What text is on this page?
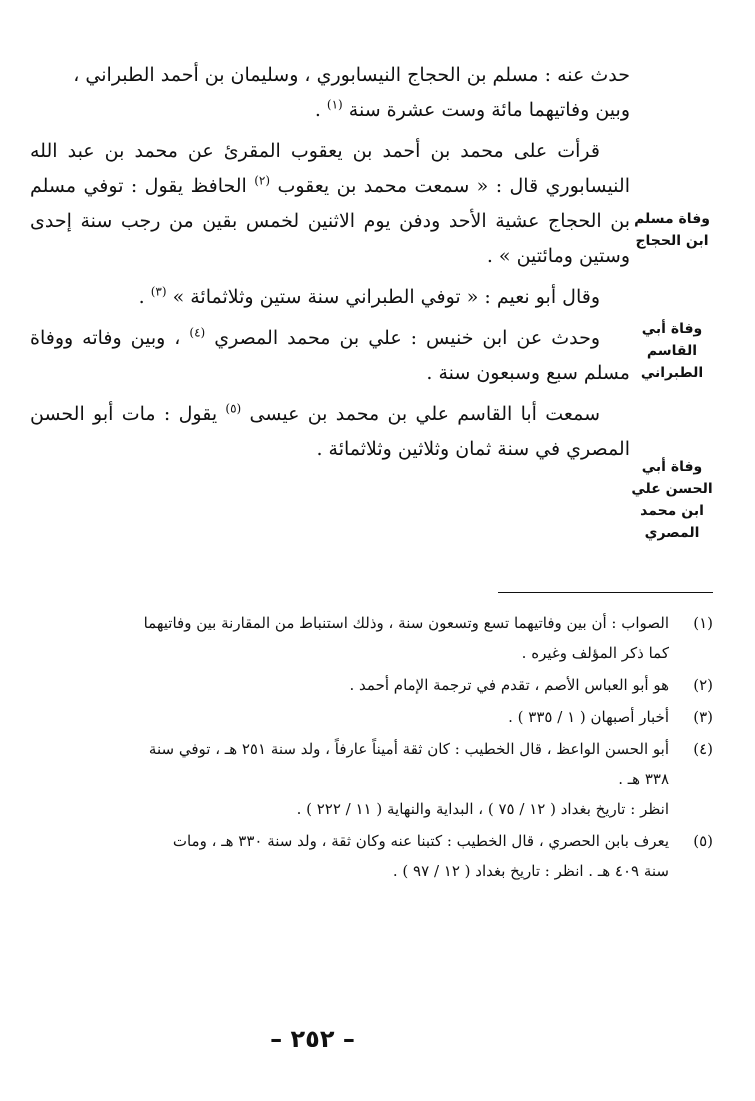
حدث عنه : مسلم بن الحجاج النيسابوري ، وسليمان بن أحمد الطبراني ،
وبين وفاتيهما مائة وست عشرة سنة $^{(١)}$ .

قرأت على محمد بن أحمد بن يعقوب المقرئ عن محمد بن عبد الله النيسابوري قال : « سمعت محمد بن يعقوب $^{(٢)}$ الحافظ يقول : توفي مسلم بن الحجاج عشية الأحد ودفن يوم الاثنين لخمس بقين من رجب سنة إحدى وستين ومائتين » .

وقال أبو نعيم : « توفي الطبراني سنة ستين وثلاثمائة » $^{(٣)}$ .

وحدث عن ابن خنيس : علي بن محمد المصري $^{(٤)}$ ، وبين وفاته ووفاة مسلم سبع وسبعون سنة .

سمعت أبا القاسم علي بن محمد بن عيسى $^{(٥)}$ يقول : مات أبو الحسن المصري في سنة ثمان وثلاثين وثلاثمائة .

وفاة مسلم
ابن الحجاج
وفاة أبي
القاسم
الطبراني
وفاة أبي
الحسن علي
ابن محمد
المصري
(١)
الصواب : أن بين وفاتيهما تسع وتسعون سنة ، وذلك استنباط من المقارنة بين وفاتيهما
كما ذكر المؤلف وغيره .
(٢)
هو أبو العباس الأصم ، تقدم في ترجمة الإمام أحمد .
(٣)
أخبار أصبهان ( ١ / ٣٣٥ ) .
(٤)
أبو الحسن الواعظ ، قال الخطيب : كان ثقة أميناً عارفاً ، ولد سنة ٢٥١ هـ ، توفي سنة
٣٣٨ هـ .
انظر : تاريخ بغداد ( ١٢ / ٧٥ ) ، البداية والنهاية ( ١١ / ٢٢٢ ) .
(٥)
يعرف بابن الحصري ، قال الخطيب : كتبنا عنه وكان ثقة ، ولد سنة ٣٣٠ هـ ، ومات
سنة ٤٠٩ هـ . انظر : تاريخ بغداد ( ١٢ / ٩٧ ) .
– ٢٥٢ –
